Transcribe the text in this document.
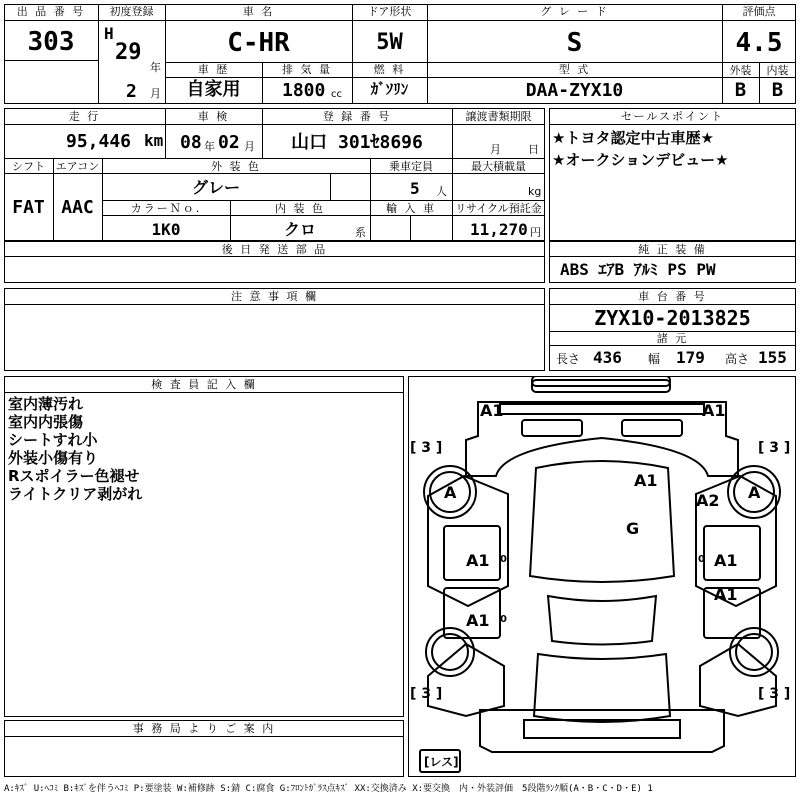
出 品 番 号
303
初度登録
H
29
年
2 月
車 名
C-HR
車 歴
自家用
排 気 量
1800 cc
ドア形状
5W
燃 料
ｶﾞｿﾘﾝ
グ レ ー ド
S
型 式
DAA-ZYX10
評価点
4.5
外装	内装
B	B
走 行
95,446 km
車 検
08 年 02 月
登 録 番 号
山口 301ｾ8696
譲渡書類期限
月 日
シフト
FAT
エアコン
AAC
外 装 色
グレー
乗車定員
5 人
最大積載量
kg
カラーＮｏ.
1K0
内 装 色
クロ	系
輸 入 車	リサイクル預託金
11,270 円
後 日 発 送 部 品
セールスポイント
★トヨタ認定中古車歴★
★オークションデビュー★
純 正 装 備
ABS ｴｱB ｱﾙﾐ PS PW
注 意 事 項 欄	車 台 番 号
ZYX10-2013825
諸 元
長さ 436 幅 179 高さ 155
検 査 員 記 入 欄
室内薄汚れ
室内内張傷
シートすれ小
外装小傷有り
Rスポイラー色褪せ
ライトクリア剥がれ
事 務 局 よ り ご 案 内
A1	A1
A1
A2
G
A1	A1
A1
A1
A	A
[ 3 ]	[ 3 ]
[ 3 ]	[ 3 ]
0	0
0
[レス]
A:ｷｽﾞ U:ﾍｺﾐ B:ｷｽﾞを伴うﾍｺﾐ P:要塗装 W:補修跡 S:錆 C:腐食 G:ﾌﾛﾝﾄｶﾞﾗｽ点ｷｽﾞ XX:交換済み X:要交換　内・外装評価　5段階ﾗﾝｸ順(A・B・C・D・E) 1
